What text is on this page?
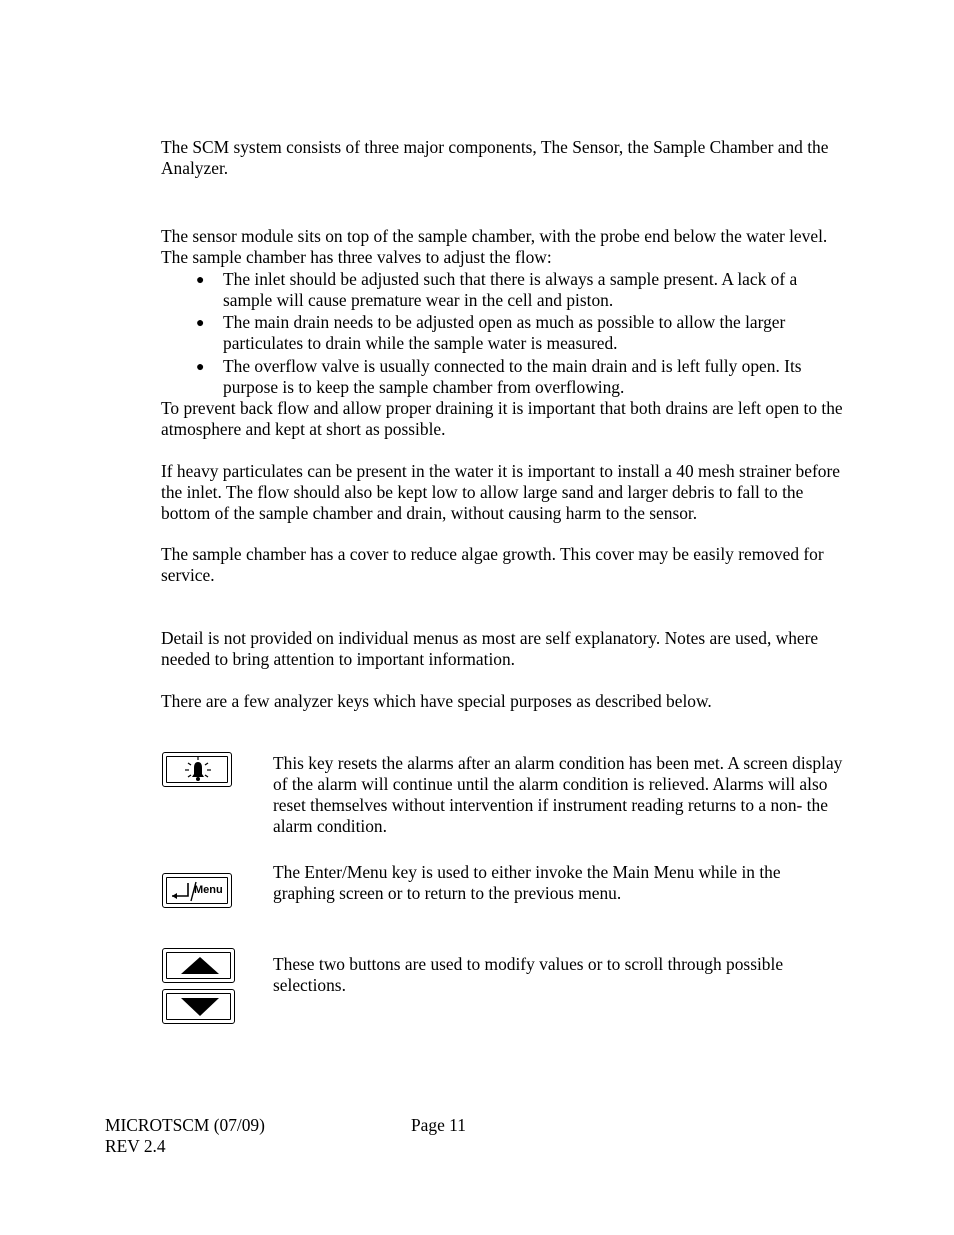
The SCM system consists of three major components, The Sensor, the Sample Chamber and the Analyzer.

The sensor module sits on top of the sample chamber, with the probe end below the water level. The sample chamber has three valves to adjust the flow:

● The inlet should be adjusted such that there is always a sample present. A lack of a sample will cause premature wear in the cell and piston.

● The main drain needs to be adjusted open as much as possible to allow the larger particulates to drain while the sample water is measured.

● The overflow valve is usually connected to the main drain and is left fully open. Its purpose is to keep the sample chamber from overflowing.

To prevent back flow and allow proper draining it is important that both drains are left open to the atmosphere and kept at short as possible.

If heavy particulates can be present in the water it is important to install a 40 mesh strainer before the inlet. The flow should also be kept low to allow large sand and larger debris to fall to the bottom of the sample chamber and drain, without causing harm to the sensor.

The sample chamber has a cover to reduce algae growth. This cover may be easily removed for service.

Detail is not provided on individual menus as most are self explanatory. Notes are used, where needed to bring attention to important information.

There are a few analyzer keys which have special purposes as described below.

This key resets the alarms after an alarm condition has been met. A screen display of the alarm will continue until the alarm condition is relieved. Alarms will also reset themselves without intervention if instrument reading returns to a non- the alarm condition.

Menu

The Enter/Menu key is used to either invoke the Main Menu while in the graphing screen or to return to the previous menu.

These two buttons are used to modify values or to scroll through possible selections.

MICROTSCM (07/09)	Page 11

REV 2.4
